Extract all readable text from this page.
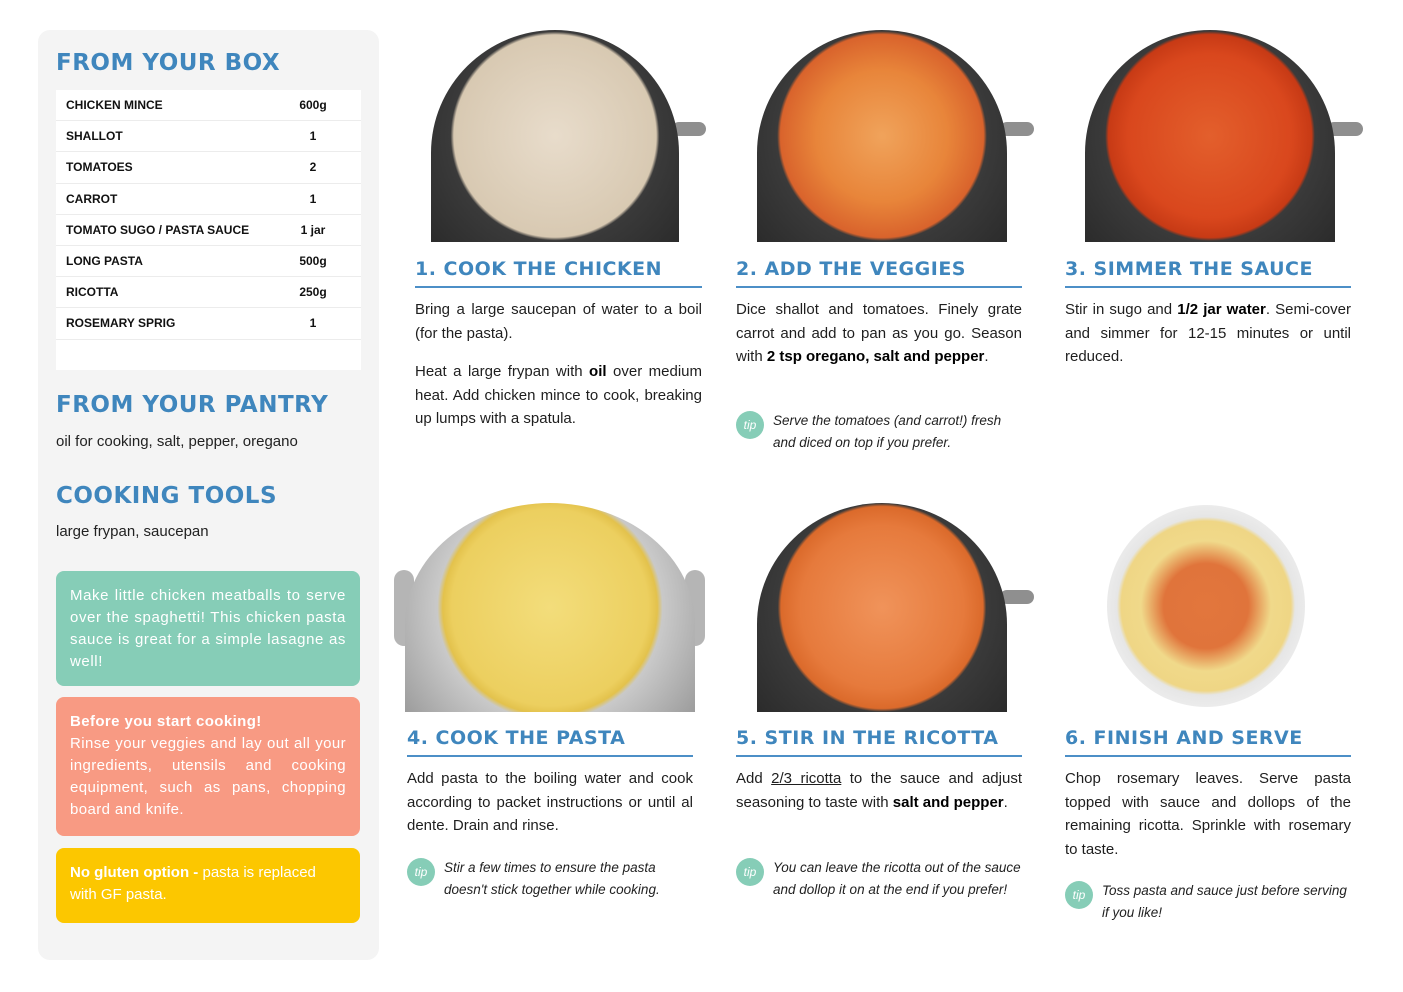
FROM YOUR BOX
CHICKEN MINCE	600g
SHALLOT	1
TOMATOES	2
CARROT	1
TOMATO SUGO / PASTA SAUCE	1 jar
LONG PASTA	500g
RICOTTA	250g
ROSEMARY SPRIG	1
FROM YOUR PANTRY
oil for cooking, salt, pepper, oregano
COOKING TOOLS
large frypan, saucepan
Make little chicken meatballs to serve over the spaghetti! This chicken pasta sauce is great for a simple lasagne as well!
Before you start cooking!
Rinse your veggies and lay out all your ingredients, utensils and cooking equipment, such as pans, chopping board and knife.
No gluten option - pasta is replaced with GF pasta.
1. COOK THE CHICKEN	2. ADD THE VEGGIES	3. SIMMER THE SAUCE
4. COOK THE PASTA	5. STIR IN THE RICOTTA	6. FINISH AND SERVE

Bring a large saucepan of water to a boil (for the pasta).

Heat a large frypan with oil over medium heat. Add chicken mince to cook, breaking up lumps with a spatula.

Dice shallot and tomatoes. Finely grate carrot and add to pan as you go. Season with 2 tsp oregano, salt and pepper.

tip	Serve the tomatoes (and carrot!) fresh and diced on top if you prefer.

Stir in sugo and 1/2 jar water. Semi-cover and simmer for 12-15 minutes or until reduced.

Add pasta to the boiling water and cook according to packet instructions or until al dente. Drain and rinse.

tip	Stir a few times to ensure the pasta doesn't stick together while cooking.

Add 2/3 ricotta to the sauce and adjust seasoning to taste with salt and pepper.

tip	You can leave the ricotta out of the sauce and dollop it on at the end if you prefer!

Chop rosemary leaves. Serve pasta topped with sauce and dollops of the remaining ricotta. Sprinkle with rosemary to taste.

tip	Toss pasta and sauce just before serving if you like!
